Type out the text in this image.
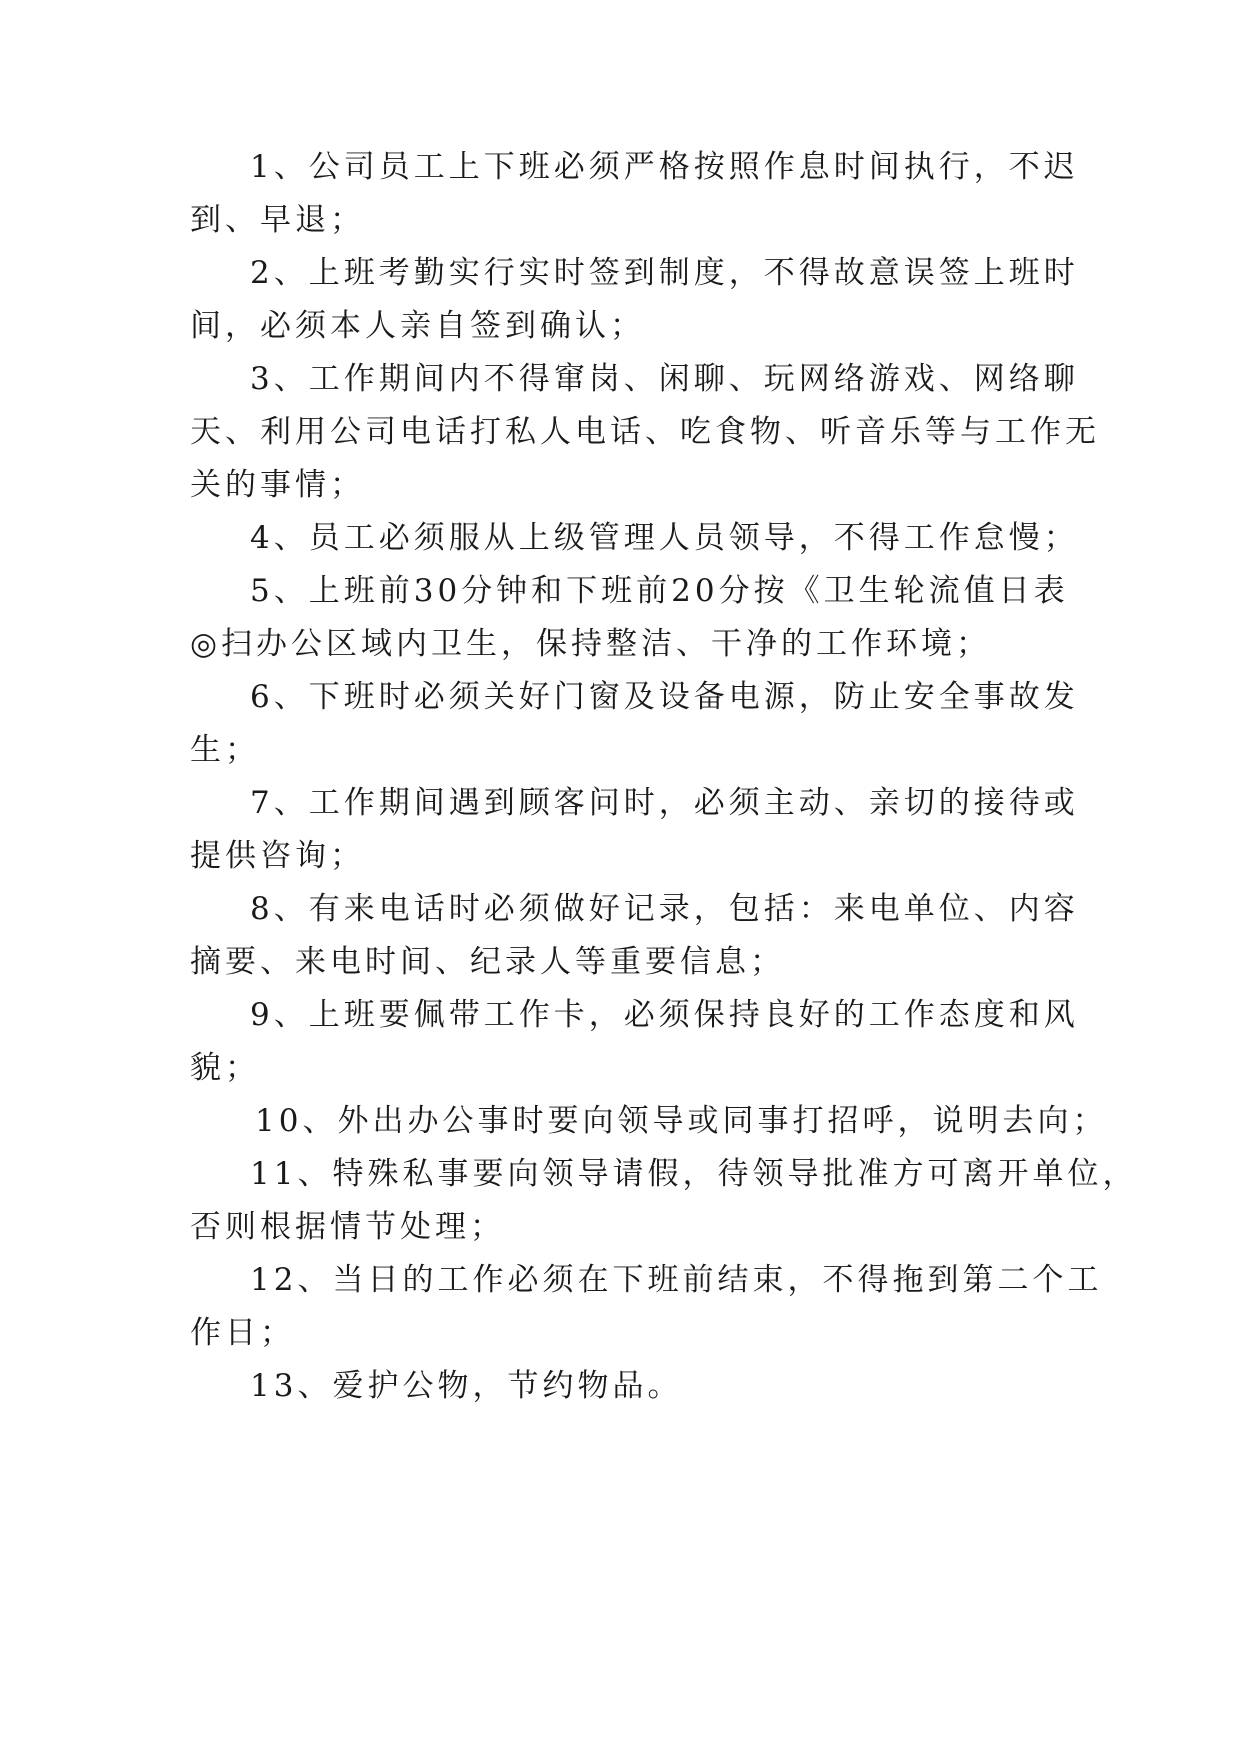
1、公司员工上下班必须严格按照作息时间执行，不迟
到、早退；
2、上班考勤实行实时签到制度，不得故意误签上班时
间，必须本人亲自签到确认；
3、工作期间内不得窜岗、闲聊、玩网络游戏、网络聊
天、利用公司电话打私人电话、吃食物、听音乐等与工作无
关的事情；
4、员工必须服从上级管理人员领导，不得工作怠慢；
5、上班前30分钟和下班前20分按《卫生轮流值日表
◎扫办公区域内卫生，保持整洁、干净的工作环境；
6、下班时必须关好门窗及设备电源，防止安全事故发
生；
7、工作期间遇到顾客问时，必须主动、亲切的接待或
提供咨询；
8、有来电话时必须做好记录，包括：来电单位、内容
摘要、来电时间、纪录人等重要信息；
9、上班要佩带工作卡，必须保持良好的工作态度和风
貌；
10、外出办公事时要向领导或同事打招呼，说明去向；
11、特殊私事要向领导请假，待领导批准方可离开单位，
否则根据情节处理；
12、当日的工作必须在下班前结束，不得拖到第二个工
作日；
13、爱护公物，节约物品。
